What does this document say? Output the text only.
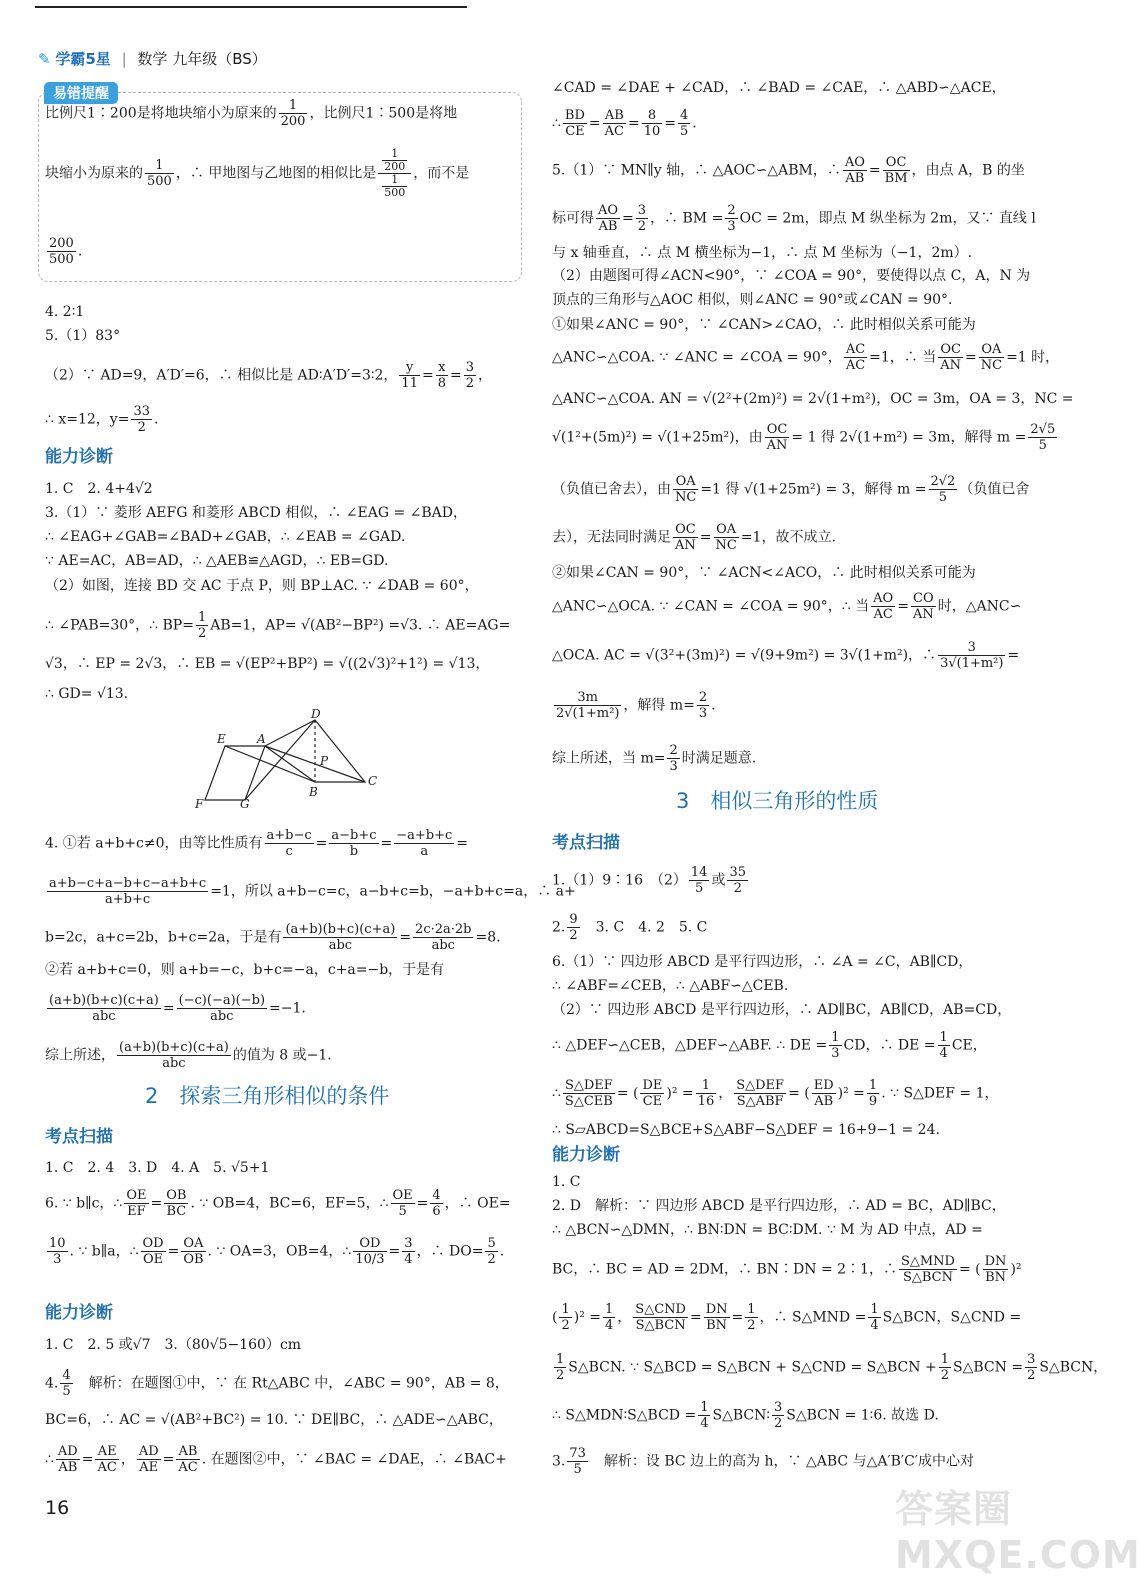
✎ 学霸5星 | 数学 九年级（BS）
易错提醒
比例尺1∶200是将地块缩小为原来的 $\frac{1}{200}$ ，比例尺1∶500是将地
块缩小为原来的 $\frac{1}{500}$ ，∴ 甲地图与乙地图的相似比是 $\frac{\frac{1}{200}}{\frac{1}{500}}$ ，而不是
$\frac{200}{500}$ .
4. 2∶1
5.（1）83°
（2）∵ AD=9，A′D′=6，∴ 相似比是 AD∶A′D′=3∶2， $\frac{y}{11} = \frac{x}{8} = \frac{3}{2}$ ，
∴ x=12，$y= \frac{33}{2}$ .
能力诊断
1. C　2. 4+4√2
3.（1）∵ 菱形 AEFG 和菱形 ABCD 相似，∴ ∠EAG = ∠BAD，
∴ ∠EAG+∠GAB=∠BAD+∠GAB，∴ ∠EAB = ∠GAD.
∵ AE=AC，AB=AD，∴ △AEB≌△AGD，∴ EB=GD.
（2）如图，连接 BD 交 AC 于点 P，则 BP⊥AC. ∵ ∠DAB = 60°，
∴ ∠PAB=30°，∴ $BP= \frac{1}{2} AB=1$，AP= √(AB²−BP²) =√3. ∴ AE=AG=
√3，∴ EP = 2√3，∴ EB = √(EP²+BP²) = √((2√3)²+1²) = √13，
∴ GD= √13.
4. ①若 a+b+c≠0，由等比性质有 $\frac{a+b-c}{c} = \frac{a-b+c}{b} = \frac{-a+b+c}{a}$ =
$\frac{a+b-c+a-b+c-a+b+c}{a+b+c} =1$，所以 a+b−c=c，a−b+c=b，−a+b+c=a，∴ a+
b=2c，a+c=2b，b+c=2a，于是有 $\frac{(a+b)(b+c)(c+a)}{\text{abc}} = \frac{2c\cdot 2a\cdot 2b}{\text{abc}} =8$.
②若 a+b+c=0，则 a+b=−c，b+c=−a，c+a=−b，于是有
$\frac{(a+b)(b+c)(c+a)}{\text{abc}} = \frac{(-c)(-a)(-b)}{\text{abc}} =-1$.
综上所述， $\frac{(a+b)(b+c)(c+a)}{\text{abc}}$ 的值为 8 或−1.
2　探索三角形相似的条件
考点扫描
1. C　2. 4　3. D　4. A　5. √5+1
6. ∵ b∥c，∴ $\frac{OE}{EF} = \frac{OB}{BC}$ . ∵ OB=4，BC=6，EF=5，∴ $\frac{OE}{5} = \frac{4}{6}$ ，∴ OE=
$\frac{10}{3}$ . ∵ b∥a，∴ $\frac{OD}{OE} = \frac{OA}{OB}$ . ∵ OA=3，OB=4，∴ $\frac{OD}{10/3} = \frac{3}{4}$ ，∴ $DO= \frac{5}{2}$ .
能力诊断
1. C　2. 5 或√7　3.（80√5−160）cm
4. $\frac{4}{5}$ 　解析：在题图①中，∵ 在 Rt△ABC 中，∠ABC = 90°，AB = 8，
BC=6，∴ AC = √(AB²+BC²) = 10. ∵ DE∥BC，∴ △ADE∽△ABC，
∴ $\frac{AD}{AB} = \frac{AE}{AC}$ ， $\frac{AD}{AE} = \frac{AB}{AC}$ . 在题图②中，∵ ∠BAC = ∠DAE，∴ ∠BAC+
E	A
D
C
P
F	G
B
∠CAD = ∠DAE + ∠CAD，∴ ∠BAD = ∠CAE，∴ △ABD∽△ACE，
∴ $\frac{BD}{CE} = \frac{AB}{AC} = \frac{8}{10} = \frac{4}{5}$ .
5.（1）∵ MN∥y 轴，∴ △AOC∽△ABM，∴ $\frac{AO}{AB} = \frac{OC}{BM}$ ，由点 A，B 的坐
标可得 $\frac{AO}{AB} = \frac{3}{2}$ ，∴ BM = $\frac{2}{3}$ OC = 2m，即点 M 纵坐标为 2m，又∵ 直线 l
与 x 轴垂直，∴ 点 M 横坐标为−1，∴ 点 M 坐标为（−1，2m）.
（2）由题图可得∠ACN<90°，∵ ∠COA = 90°，要使得以点 C，A，N 为
顶点的三角形与△AOC 相似，则∠ANC = 90°或∠CAN = 90°.
①如果∠ANC = 90°，∵ ∠CAN>∠CAO，∴ 此时相似关系可能为
△ANC∽△COA. ∵ ∠ANC = ∠COA = 90°， $\frac{AC}{AC} =1$，∴ 当 $\frac{OC}{AN} = \frac{OA}{NC} =1$ 时，
△ANC∽△COA. AN = √(2²+(2m)²) = 2√(1+m²)，OC = 3m，OA = 3，NC =
√(1²+(5m)²) = √(1+25m²)，由 $\frac{OC}{AN} = 1$ 得 2√(1+m²) = 3m，解得 $m = \frac{2√5}{5}$
（负值已舍去），由 $\frac{OA}{NC} =1$ 得 √(1+25m²) = 3，解得 $m = \frac{2√2}{5}$ （负值已舍
去），无法同时满足 $\frac{OC}{AN} = \frac{OA}{NC} =1$，故不成立.
②如果∠CAN = 90°，∵ ∠ACN<∠ACO，∴ 此时相似关系可能为
△ANC∽△OCA. ∵ ∠CAN = ∠COA = 90°，∴ 当 $\frac{AO}{AC} = \frac{CO}{AN}$ 时，△ANC∽
△OCA. AC = √(3²+(3m)²) = √(9+9m²) = 3√(1+m²)，∴ $\frac{3}{\text{3√(1+m²)}}$ =
$\frac{3m}{\text{2√(1+m²)}}$ ，解得 $m= \frac{2}{3}$ .
综上所述，当 $m= \frac{2}{3}$ 时满足题意.
3　相似三角形的性质
考点扫描
1.（1）9∶16　$(2) \frac{14}{5}$ 或 $\frac{35}{2}$
2. $\frac{9}{2}$ 　3. C　4. 2　5. C
6.（1）∵ 四边形 ABCD 是平行四边形，∴ ∠A = ∠C，AB∥CD，
∴ ∠ABF=∠CEB，∴ △ABF∽△CEB.
（2）∵ 四边形 ABCD 是平行四边形，∴ AD∥BC，AB∥CD，AB=CD，
∴ △DEF∽△CEB，△DEF∽△ABF. ∴ DE = $\frac{1}{3}$ CD，∴ DE = $\frac{1}{4}$ CE，
∴ $\frac{\text{S△DEF}}{\text{S△CEB}}$ = ( $\frac{DE}{CE} )^2 = \frac{1}{16}$ ， $\frac{\text{S△DEF}}{\text{S△ABF}}$ = ( $\frac{ED}{AB} )^2 = \frac{1}{9}$ . ∵ S△DEF = 1，
∴ S▱ABCD=S△BCE+S△ABF−S△DEF = 16+9−1 = 24.
能力诊断
1. C
2. D　解析：∵ 四边形 ABCD 是平行四边形，∴ AD = BC，AD∥BC，
∴ △BCN∽△DMN，∴ BN∶DN = BC∶DM. ∵ M 为 AD 中点，AD =
BC，∴ BC = AD = 2DM，∴ BN∶DN = 2∶1，∴ $\frac{\text{S△MND}}{\text{S△BCN}}$ = ( $\frac{DN}{BN} )^2$
( $\frac{1}{2} )^2 = \frac{1}{4}$ ， $\frac{\text{S△CND}}{\text{S△BCN}} = \frac{DN}{BN} = \frac{1}{2}$ ，∴ S△MND = $\frac{1}{4}$ S△BCN，S△CND =
$\frac{1}{2}$ S△BCN. ∵ S△BCD = S△BCN + S△CND = S△BCN + $\frac{1}{2}$ S△BCN = $\frac{3}{2}$ S△BCN，
∴ S△MDN∶S△BCD = $\frac{1}{4}$ S△BCN∶ $\frac{3}{2}$ S△BCN = 1∶6. 故选 D.
3. $\frac{73}{5}$ 　解析：设 BC 边上的高为 h，∵ △ABC 与△A′B′C′成中心对
16	答案圈 MXQE.COM
